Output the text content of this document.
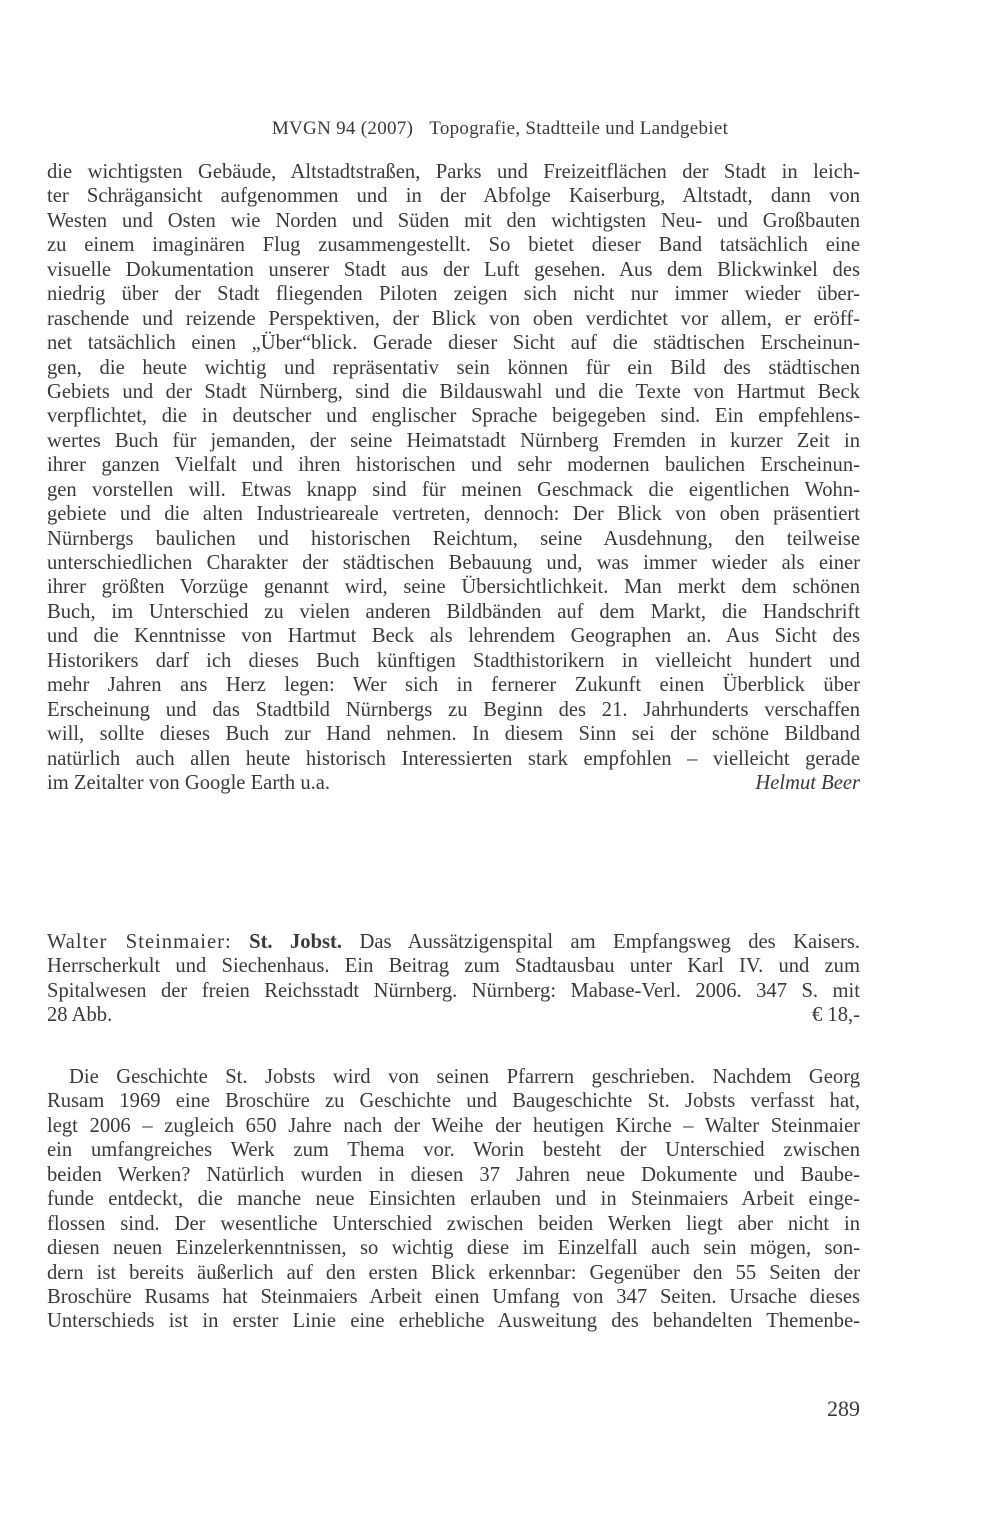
MVGN 94 (2007) Topografie, Stadtteile und Landgebiet
die wichtigsten Gebäude, Altstadtstraßen, Parks und Freizeitflächen der Stadt in leich-
ter Schrägansicht aufgenommen und in der Abfolge Kaiserburg, Altstadt, dann von
Westen und Osten wie Norden und Süden mit den wichtigsten Neu- und Großbauten
zu einem imaginären Flug zusammengestellt. So bietet dieser Band tatsächlich eine
visuelle Dokumentation unserer Stadt aus der Luft gesehen. Aus dem Blickwinkel des
niedrig über der Stadt fliegenden Piloten zeigen sich nicht nur immer wieder über-
raschende und reizende Perspektiven, der Blick von oben verdichtet vor allem, er eröff-
net tatsächlich einen „Über“blick. Gerade dieser Sicht auf die städtischen Erscheinun-
gen, die heute wichtig und repräsentativ sein können für ein Bild des städtischen
Gebiets und der Stadt Nürnberg, sind die Bildauswahl und die Texte von Hartmut Beck
verpflichtet, die in deutscher und englischer Sprache beigegeben sind. Ein empfehlens-
wertes Buch für jemanden, der seine Heimatstadt Nürnberg Fremden in kurzer Zeit in
ihrer ganzen Vielfalt und ihren historischen und sehr modernen baulichen Erscheinun-
gen vorstellen will. Etwas knapp sind für meinen Geschmack die eigentlichen Wohn-
gebiete und die alten Industrieareale vertreten, dennoch: Der Blick von oben präsentiert
Nürnbergs baulichen und historischen Reichtum, seine Ausdehnung, den teilweise
unterschiedlichen Charakter der städtischen Bebauung und, was immer wieder als einer
ihrer größten Vorzüge genannt wird, seine Übersichtlichkeit. Man merkt dem schönen
Buch, im Unterschied zu vielen anderen Bildbänden auf dem Markt, die Handschrift
und die Kenntnisse von Hartmut Beck als lehrendem Geographen an. Aus Sicht des
Historikers darf ich dieses Buch künftigen Stadthistorikern in vielleicht hundert und
mehr Jahren ans Herz legen: Wer sich in fernerer Zukunft einen Überblick über
Erscheinung und das Stadtbild Nürnbergs zu Beginn des 21. Jahrhunderts verschaffen
will, sollte dieses Buch zur Hand nehmen. In diesem Sinn sei der schöne Bildband
natürlich auch allen heute historisch Interessierten stark empfohlen – vielleicht gerade
im Zeitalter von Google Earth u.a.	Helmut Beer
Walter Steinmaier: St. Jobst. Das Aussätzigenspital am Empfangsweg des Kaisers.
Herrscherkult und Siechenhaus. Ein Beitrag zum Stadtausbau unter Karl IV. und zum
Spitalwesen der freien Reichsstadt Nürnberg. Nürnberg: Mabase-Verl. 2006. 347 S. mit
28 Abb.	€ 18,-
Die Geschichte St. Jobsts wird von seinen Pfarrern geschrieben. Nachdem Georg
Rusam 1969 eine Broschüre zu Geschichte und Baugeschichte St. Jobsts verfasst hat,
legt 2006 – zugleich 650 Jahre nach der Weihe der heutigen Kirche – Walter Steinmaier
ein umfangreiches Werk zum Thema vor. Worin besteht der Unterschied zwischen
beiden Werken? Natürlich wurden in diesen 37 Jahren neue Dokumente und Baube-
funde entdeckt, die manche neue Einsichten erlauben und in Steinmaiers Arbeit einge-
flossen sind. Der wesentliche Unterschied zwischen beiden Werken liegt aber nicht in
diesen neuen Einzelerkenntnissen, so wichtig diese im Einzelfall auch sein mögen, son-
dern ist bereits äußerlich auf den ersten Blick erkennbar: Gegenüber den 55 Seiten der
Broschüre Rusams hat Steinmaiers Arbeit einen Umfang von 347 Seiten. Ursache dieses
Unterschieds ist in erster Linie eine erhebliche Ausweitung des behandelten Themenbe-
289
